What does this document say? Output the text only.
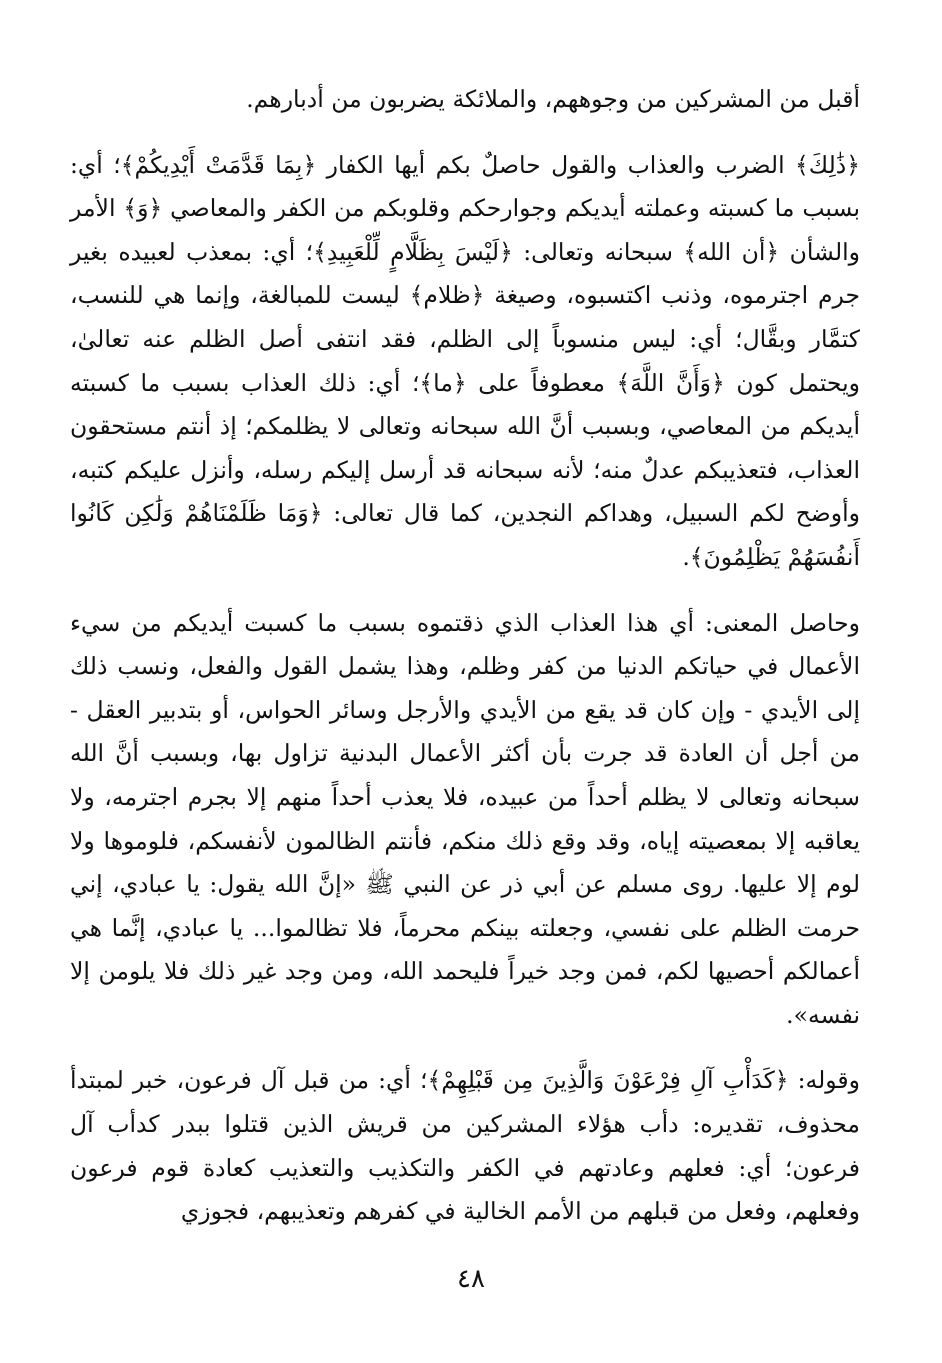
أقبل من المشركين من وجوههم، والملائكة يضربون من أدبارهم.

﴿ذَٰلِكَ﴾ الضرب والعذاب والقول حاصلٌ بكم أيها الكفار ﴿بِمَا قَدَّمَتْ أَيْدِيكُمْ﴾؛ أي: بسبب ما كسبته وعملته أيديكم وجوارحكم وقلوبكم من الكفر والمعاصي ﴿وَ﴾ الأمر والشأن ﴿أن الله﴾ سبحانه وتعالى: ﴿لَيْسَ بِظَلَّامٍ لِّلْعَبِيدِ﴾؛ أي: بمعذب لعبيده بغير جرم اجترموه، وذنب اكتسبوه، وصيغة ﴿ظلام﴾ ليست للمبالغة، وإنما هي للنسب، كتمَّار وبقَّال؛ أي: ليس منسوباً إلى الظلم، فقد انتفى أصل الظلم عنه تعالىٰ، ويحتمل كون ﴿وَأَنَّ اللَّهَ﴾ معطوفاً على ﴿ما﴾؛ أي: ذلك العذاب بسبب ما كسبته أيديكم من المعاصي، وبسبب أنَّ الله سبحانه وتعالى لا يظلمكم؛ إذ أنتم مستحقون العذاب، فتعذيبكم عدلٌ منه؛ لأنه سبحانه قد أرسل إليكم رسله، وأنزل عليكم كتبه، وأوضح لكم السبيل، وهداكم النجدين، كما قال تعالى: ﴿وَمَا ظَلَمْنَاهُمْ وَلَٰكِن كَانُوا أَنفُسَهُمْ يَظْلِمُونَ﴾.

وحاصل المعنى: أي هذا العذاب الذي ذقتموه بسبب ما كسبت أيديكم من سيء الأعمال في حياتكم الدنيا من كفر وظلم، وهذا يشمل القول والفعل، ونسب ذلك إلى الأيدي - وإن كان قد يقع من الأيدي والأرجل وسائر الحواس، أو بتدبير العقل - من أجل أن العادة قد جرت بأن أكثر الأعمال البدنية تزاول بها، وبسبب أنَّ الله سبحانه وتعالى لا يظلم أحداً من عبيده، فلا يعذب أحداً منهم إلا بجرم اجترمه، ولا يعاقبه إلا بمعصيته إياه، وقد وقع ذلك منكم، فأنتم الظالمون لأنفسكم، فلوموها ولا لوم إلا عليها. روى مسلم عن أبي ذر عن النبي ﷺ «إنَّ الله يقول: يا عبادي، إني حرمت الظلم على نفسي، وجعلته بينكم محرماً، فلا تظالموا... يا عبادي، إنَّما هي أعمالكم أحصيها لكم، فمن وجد خيراً فليحمد الله، ومن وجد غير ذلك فلا يلومن إلا نفسه».

وقوله: ﴿كَدَأْبِ آلِ فِرْعَوْنَ وَالَّذِينَ مِن قَبْلِهِمْ﴾؛ أي: من قبل آل فرعون، خبر لمبتدأ محذوف، تقديره: دأب هؤلاء المشركين من قريش الذين قتلوا ببدر كدأب آل فرعون؛ أي: فعلهم وعادتهم في الكفر والتكذيب والتعذيب كعادة قوم فرعون وفعلهم، وفعل من قبلهم من الأمم الخالية في كفرهم وتعذيبهم، فجوزي

٤٨
